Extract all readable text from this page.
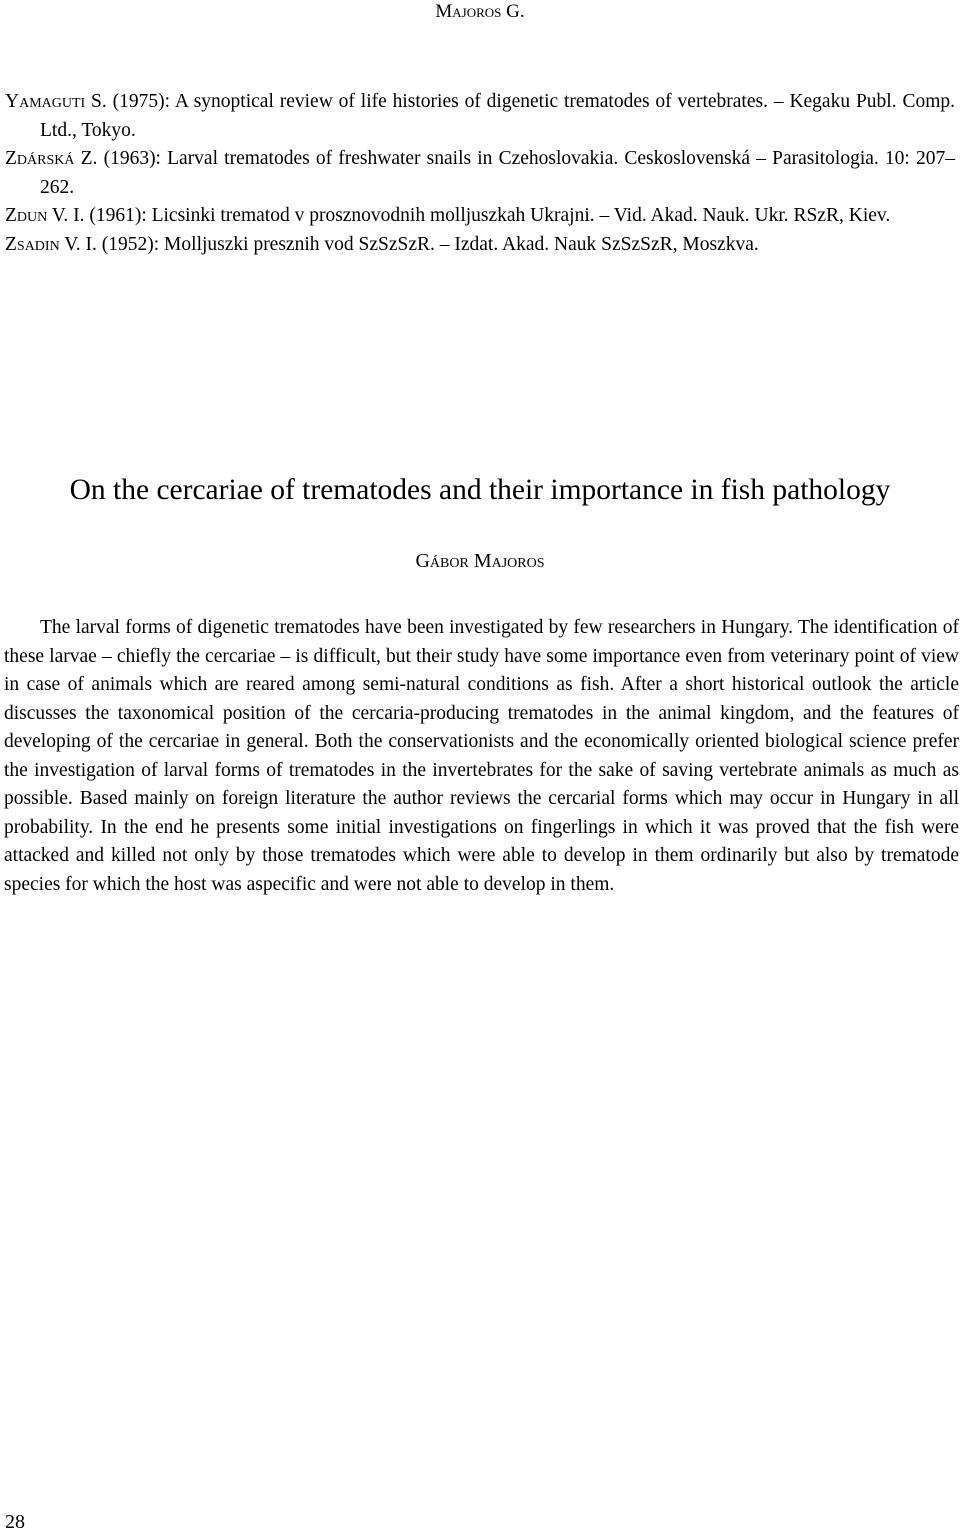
Majoros G.

Yamaguti S. (1975): A synoptical review of life histories of digenetic trematodes of vertebrates. – Kegaku Publ. Comp. Ltd., Tokyo.

Zdárská Z. (1963): Larval trematodes of freshwater snails in Czehoslovakia. Ceskoslovenská – Parasitologia. 10: 207–262.

Zdun V. I. (1961): Licsinki trematod v prosznovodnih molljuszkah Ukrajni. – Vid. Akad. Nauk. Ukr. RSzR, Kiev.

Zsadin V. I. (1952): Molljuszki presznih vod SzSzSzR. – Izdat. Akad. Nauk SzSzSzR, Moszkva.

On the cercariae of trematodes and their importance in fish pathology
Gábor Majoros

The larval forms of digenetic trematodes have been investigated by few researchers in Hungary. The identification of these larvae – chiefly the cercariae – is difficult, but their study have some importance even from veterinary point of view in case of animals which are reared among semi-natural conditions as fish. After a short historical outlook the article discusses the taxonomical position of the cercaria-producing trematodes in the animal kingdom, and the features of developing of the cercariae in general. Both the conservationists and the economically oriented biological science prefer the investigation of larval forms of trematodes in the invertebrates for the sake of saving vertebrate animals as much as possible. Based mainly on foreign literature the author reviews the cercarial forms which may occur in Hungary in all probability. In the end he presents some initial investigations on fingerlings in which it was proved that the fish were attacked and killed not only by those trematodes which were able to develop in them ordinarily but also by trematode species for which the host was aspecific and were not able to develop in them.

28
